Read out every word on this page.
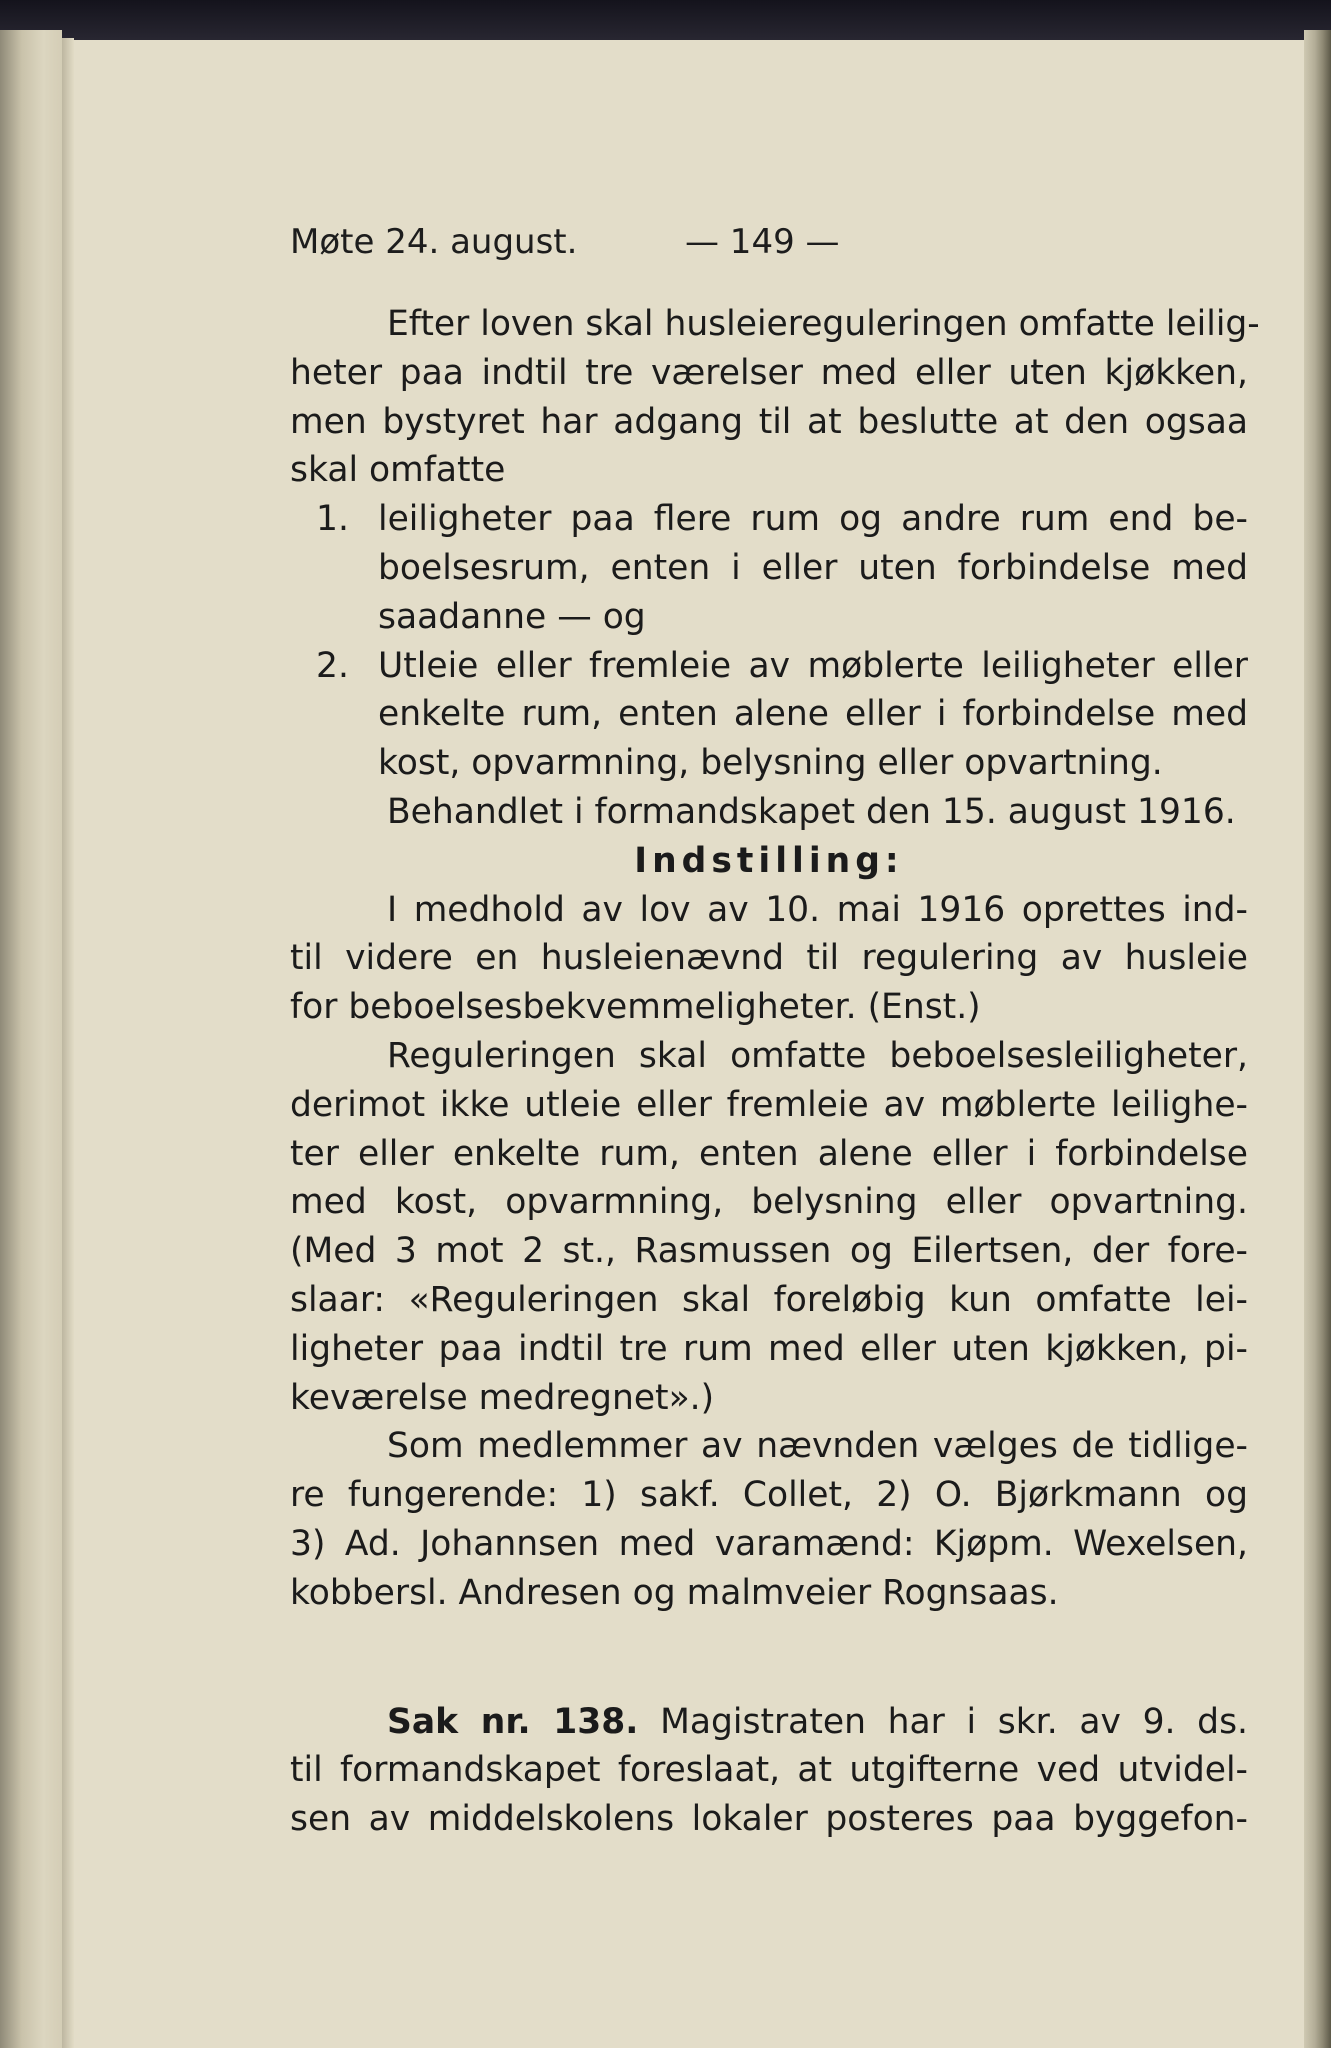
Møte 24. august.	— 149 —
Efter loven skal husleiereguleringen omfatte leilig-
heter paa indtil tre værelser med eller uten kjøkken,
men bystyret har adgang til at beslutte at den ogsaa
skal omfatte
1. leiligheter paa flere rum og andre rum end be-
boelsesrum, enten i eller uten forbindelse med
saadanne — og
2. Utleie eller fremleie av møblerte leiligheter eller
enkelte rum, enten alene eller i forbindelse med
kost, opvarmning, belysning eller opvartning.
Behandlet i formandskapet den 15. august 1916.
Indstilling:
I medhold av lov av 10. mai 1916 oprettes ind-
til videre en husleienævnd til regulering av husleie
for beboelsesbekvemmeligheter. (Enst.)
Reguleringen skal omfatte beboelsesleiligheter,
derimot ikke utleie eller fremleie av møblerte leilighe-
ter eller enkelte rum, enten alene eller i forbindelse
med kost, opvarmning, belysning eller opvartning.
(Med 3 mot 2 st., Rasmussen og Eilertsen, der fore-
slaar: «Reguleringen skal foreløbig kun omfatte lei-
ligheter paa indtil tre rum med eller uten kjøkken, pi-
keværelse medregnet».)
Som medlemmer av nævnden vælges de tidlige-
re fungerende: 1) sakf. Collet, 2) O. Bjørkmann og
3) Ad. Johannsen med varamænd: Kjøpm. Wexelsen,
kobbersl. Andresen og malmveier Rognsaas.
Sak nr. 138. Magistraten har i skr. av 9. ds.
til formandskapet foreslaat, at utgifterne ved utvidel-
sen av middelskolens lokaler posteres paa byggefon-
